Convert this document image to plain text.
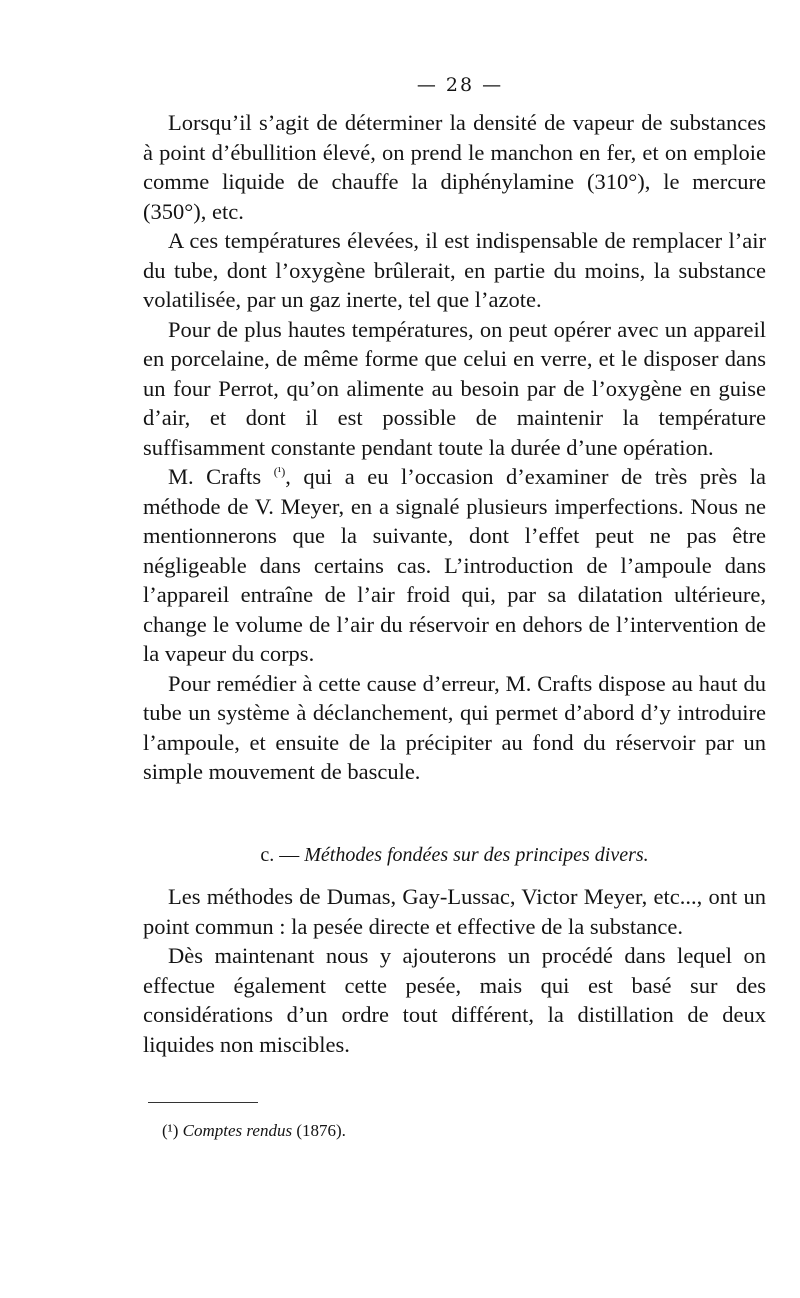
— 28 —

Lorsqu’il s’agit de déterminer la densité de vapeur de substances à point d’ébullition élevé, on prend le manchon en fer, et on emploie comme liquide de chauffe la diphénylamine (310°), le mercure (350°), etc.

A ces températures élevées, il est indispensable de remplacer l’air du tube, dont l’oxygène brûlerait, en partie du moins, la substance volatilisée, par un gaz inerte, tel que l’azote.

Pour de plus hautes températures, on peut opérer avec un appareil en porcelaine, de même forme que celui en verre, et le disposer dans un four Perrot, qu’on alimente au besoin par de l’oxygène en guise d’air, et dont il est possible de maintenir la température suffisamment constante pendant toute la durée d’une opération.

M. Crafts $^{(^1)}$, qui a eu l’occasion d’examiner de très près la méthode de V. Meyer, en a signalé plusieurs imperfections. Nous ne mentionnerons que la suivante, dont l’effet peut ne pas être négligeable dans certains cas. L’introduction de l’ampoule dans l’appareil entraîne de l’air froid qui, par sa dilatation ultérieure, change le volume de l’air du réservoir en dehors de l’intervention de la vapeur du corps.

Pour remédier à cette cause d’erreur, M. Crafts dispose au haut du tube un système à déclanchement, qui permet d’abord d’y introduire l’ampoule, et ensuite de la précipiter au fond du réservoir par un simple mouvement de bascule.

c. — Méthodes fondées sur des principes divers.

Les méthodes de Dumas, Gay-Lussac, Victor Meyer, etc..., ont un point commun : la pesée directe et effective de la substance.

Dès maintenant nous y ajouterons un procédé dans lequel on effectue également cette pesée, mais qui est basé sur des considérations d’un ordre tout différent, la distillation de deux liquides non miscibles.

(¹) Comptes rendus (1876).
